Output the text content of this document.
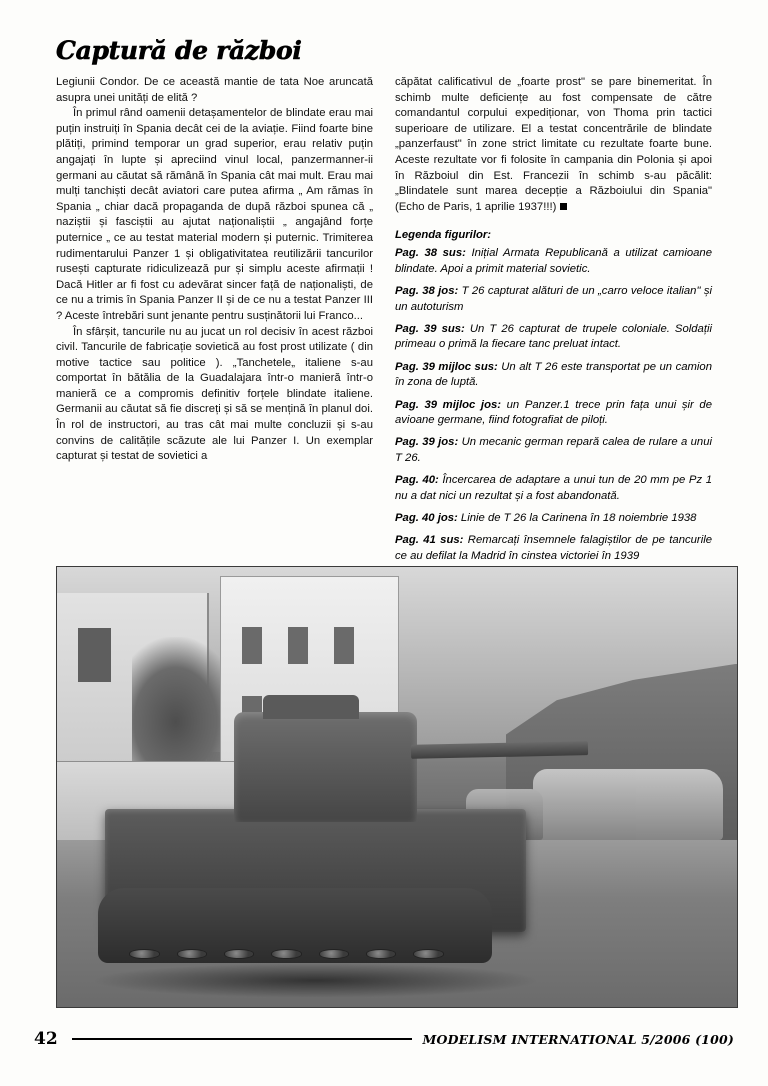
Captură de război

Legiunii Condor. De ce această mantie de tata Noe aruncată asupra unei unități de elită ?

În primul rând oamenii detașamentelor de blindate erau mai puțin instruiți în Spania decât cei de la aviație. Fiind foarte bine plătiți, primind temporar un grad superior, erau relativ puțin angajați în lupte și apreciind vinul local, panzermanner-ii germani au căutat să rămână în Spania cât mai mult. Erau mai mulți tanchiști decât aviatori care putea afirma „ Am rămas în Spania „ chiar dacă propaganda de după război spunea că „ naziștii și fasciștii au ajutat naționaliștii „ angajând forțe puternice „ ce au testat material modern și puternic. Trimiterea rudimentarului Panzer 1 și obligativitatea reutilizării tancurilor rusești capturate ridiculizează pur și simplu aceste afirmații ! Dacă Hitler ar fi fost cu adevărat sincer față de naționaliști, de ce nu a trimis în Spania Panzer II și de ce nu a testat Panzer III ? Aceste întrebări sunt jenante pentru susținătorii lui Franco...

În sfârșit, tancurile nu au jucat un rol decisiv în acest război civil. Tancurile de fabricație sovietică au fost prost utilizate ( din motive tactice sau politice ). „Tanchetele„ italiene s-au comportat în bătălia de la Guadalajara într-o manieră într-o manieră ce a compromis definitiv forțele blindate italiene. Germanii au căutat să fie discreți și să se mențină în planul doi. În rol de instructori, au tras cât mai multe concluzii și s-au convins de calitățile scăzute ale lui Panzer I. Un exemplar capturat și testat de sovietici a

căpătat calificativul de „foarte prost" se pare binemeritat. În schimb multe deficiențe au fost compensate de către comandantul corpului expediționar, von Thoma prin tactici superioare de utilizare. El a testat concentrările de blindate „panzerfaust" în zone strict limitate cu rezultate foarte bune. Aceste rezultate vor fi folosite în campania din Polonia și apoi în Războiul din Est. Francezii în schimb s-au păcălit: „Blindatele sunt marea decepție a Războiului din Spania" (Echo de Paris, 1 aprilie 1937!!!)

Legenda figurilor:
Pag. 38 sus: Inițial Armata Republicană a utilizat camioane blindate. Apoi a primit material sovietic.
Pag. 38 jos: T 26 capturat alături de un „carro veloce italian" și un autoturism
Pag. 39 sus: Un T 26 capturat de trupele coloniale. Soldații primeau o primă la fiecare tanc preluat intact.
Pag. 39 mijloc sus: Un alt T 26 este transportat pe un camion în zona de luptă.
Pag. 39 mijloc jos: un Panzer.1 trece prin fața unui șir de avioane germane, fiind fotografiat de piloți.
Pag. 39 jos: Un mecanic german repară calea de rulare a unui T 26.
Pag. 40: Încercarea de adaptare a unui tun de 20 mm pe Pz 1 nu a dat nici un rezultat și a fost abandonată.
Pag. 40 jos: Linie de T 26 la Carinena în 18 noiembrie 1938
Pag. 41 sus: Remarcați însemnele falagiștilor de pe tancurile ce au defilat la Madrid în cinstea victoriei în 1939
42	MODELISM INTERNATIONAL 5/2006 (100)
